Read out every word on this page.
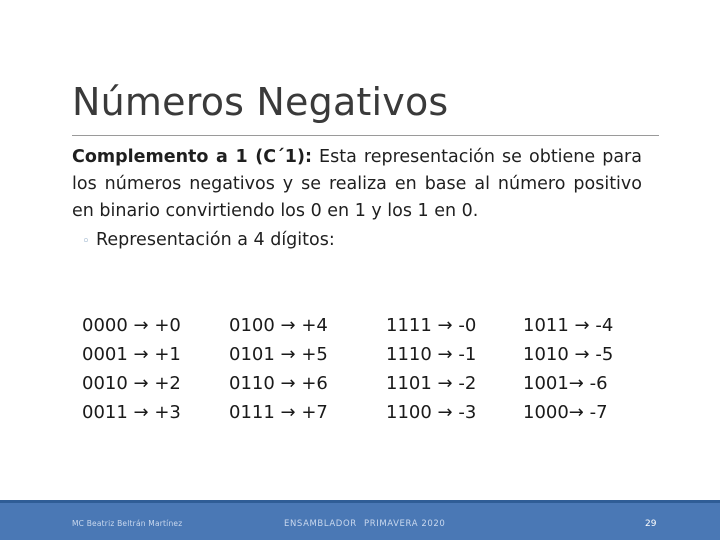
Números Negativos
Complemento a 1 (C´1): Esta representación se obtiene para los números negativos y se realiza en base al número positivo en binario convirtiendo los 0 en 1 y los 1 en 0.
◦ Representación a 4 dígitos:
0000 → +0
0001 → +1
0010 → +2
0011 → +3
0100 → +4
0101 → +5
0110 → +6
0111 → +7
1111 → -0
1110 → -1
1101 → -2
1100 → -3
1011 → -4
1010 → -5
1001→ -6
1000→ -7
MC Beatriz Beltrán Martínez	ENSAMBLADOR PRIMAVERA 2020	29
